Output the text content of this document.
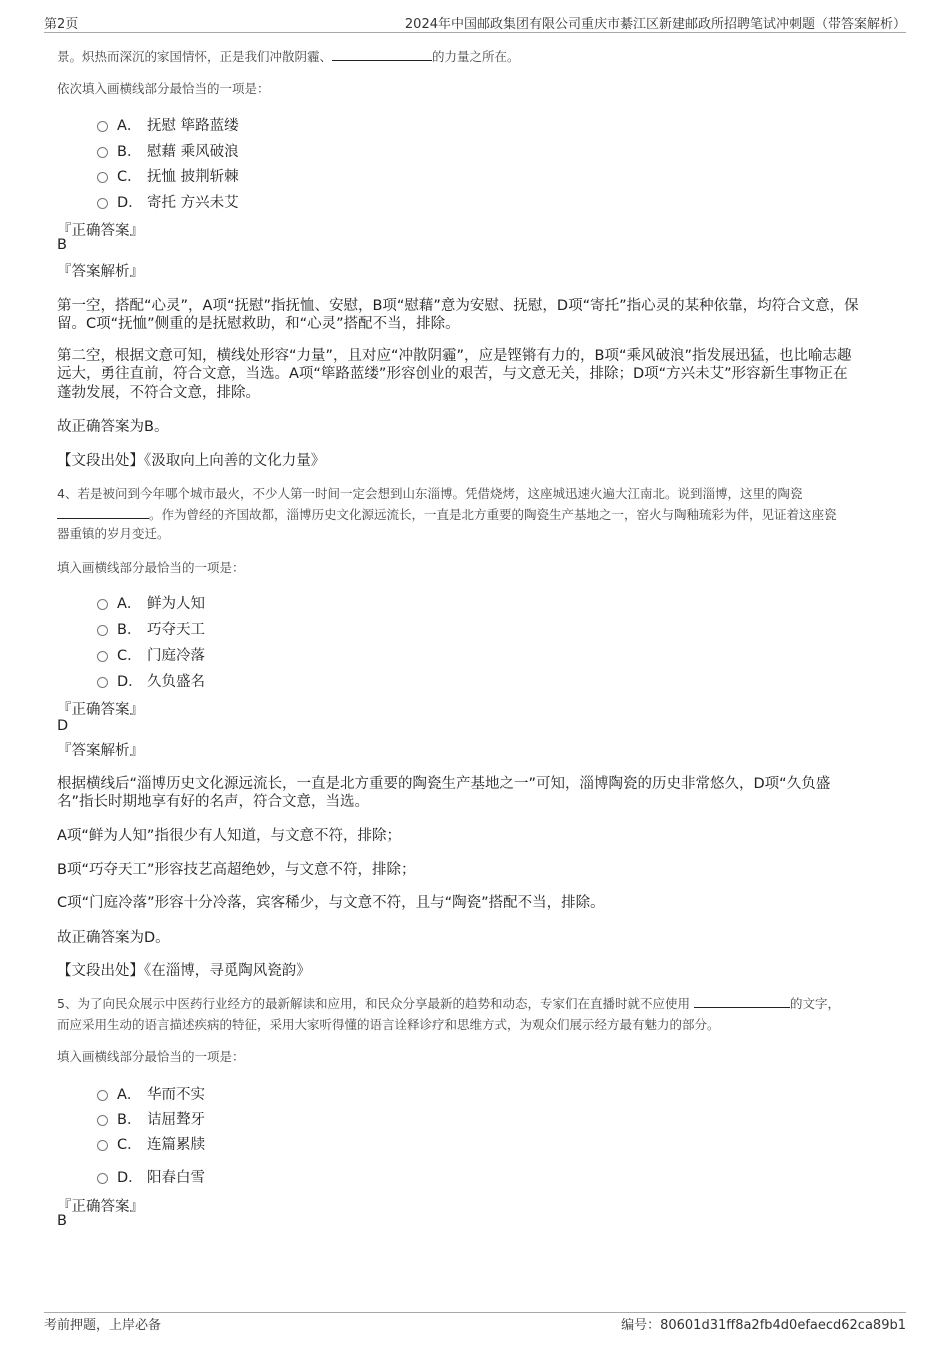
第2页	2024年中国邮政集团有限公司重庆市綦江区新建邮政所招聘笔试冲刺题（带答案解析）
景。炽热而深沉的家国情怀，正是我们冲散阴霾、	的力量之所在。
依次填入画横线部分最恰当的一项是：
A． 抚慰 筚路蓝缕
B． 慰藉 乘风破浪
C． 抚恤 披荆斩棘
D． 寄托 方兴未艾
『正确答案』
B
『答案解析』
第一空，搭配“心灵”，A项“抚慰”指抚恤、安慰，B项“慰藉”意为安慰、抚慰，D项“寄托”指心灵的某种依靠，均符合文意，保
留。C项“抚恤”侧重的是抚慰救助，和“心灵”搭配不当，排除。
第二空，根据文意可知，横线处形容“力量”，且对应“冲散阴霾”，应是铿锵有力的，B项“乘风破浪”指发展迅猛，也比喻志趣
远大，勇往直前，符合文意，当选。A项“筚路蓝缕”形容创业的艰苦，与文意无关，排除；D项“方兴未艾”形容新生事物正在
蓬勃发展，不符合文意，排除。
故正确答案为B。
【文段出处】《汲取向上向善的文化力量》
4、若是被问到今年哪个城市最火，不少人第一时间一定会想到山东淄博。凭借烧烤，这座城迅速火遍大江南北。说到淄博，这里的陶瓷
。作为曾经的齐国故都，淄博历史文化源远流长，一直是北方重要的陶瓷生产基地之一，窑火与陶釉琉彩为伴，见证着这座瓷
器重镇的岁月变迁。
填入画横线部分最恰当的一项是：
A． 鲜为人知
B． 巧夺天工
C． 门庭冷落
D． 久负盛名
『正确答案』
D
『答案解析』
根据横线后“淄博历史文化源远流长，一直是北方重要的陶瓷生产基地之一”可知，淄博陶瓷的历史非常悠久，D项“久负盛
名”指长时期地享有好的名声，符合文意，当选。
A项“鲜为人知”指很少有人知道，与文意不符，排除；
B项“巧夺天工”形容技艺高超绝妙，与文意不符，排除；
C项“门庭冷落”形容十分冷落，宾客稀少，与文意不符，且与“陶瓷”搭配不当，排除。
故正确答案为D。
【文段出处】《在淄博，寻觅陶风瓷韵》
5、为了向民众展示中医药行业经方的最新解读和应用，和民众分享最新的趋势和动态，专家们在直播时就不应使用	的文字，
而应采用生动的语言描述疾病的特征，采用大家听得懂的语言诠释诊疗和思维方式，为观众们展示经方最有魅力的部分。
填入画横线部分最恰当的一项是：
A． 华而不实
B． 诘屈聱牙
C． 连篇累牍
D． 阳春白雪
『正确答案』
B
考前押题，上岸必备	编号：80601d31ff8a2fb4d0efaecd62ca89b1
